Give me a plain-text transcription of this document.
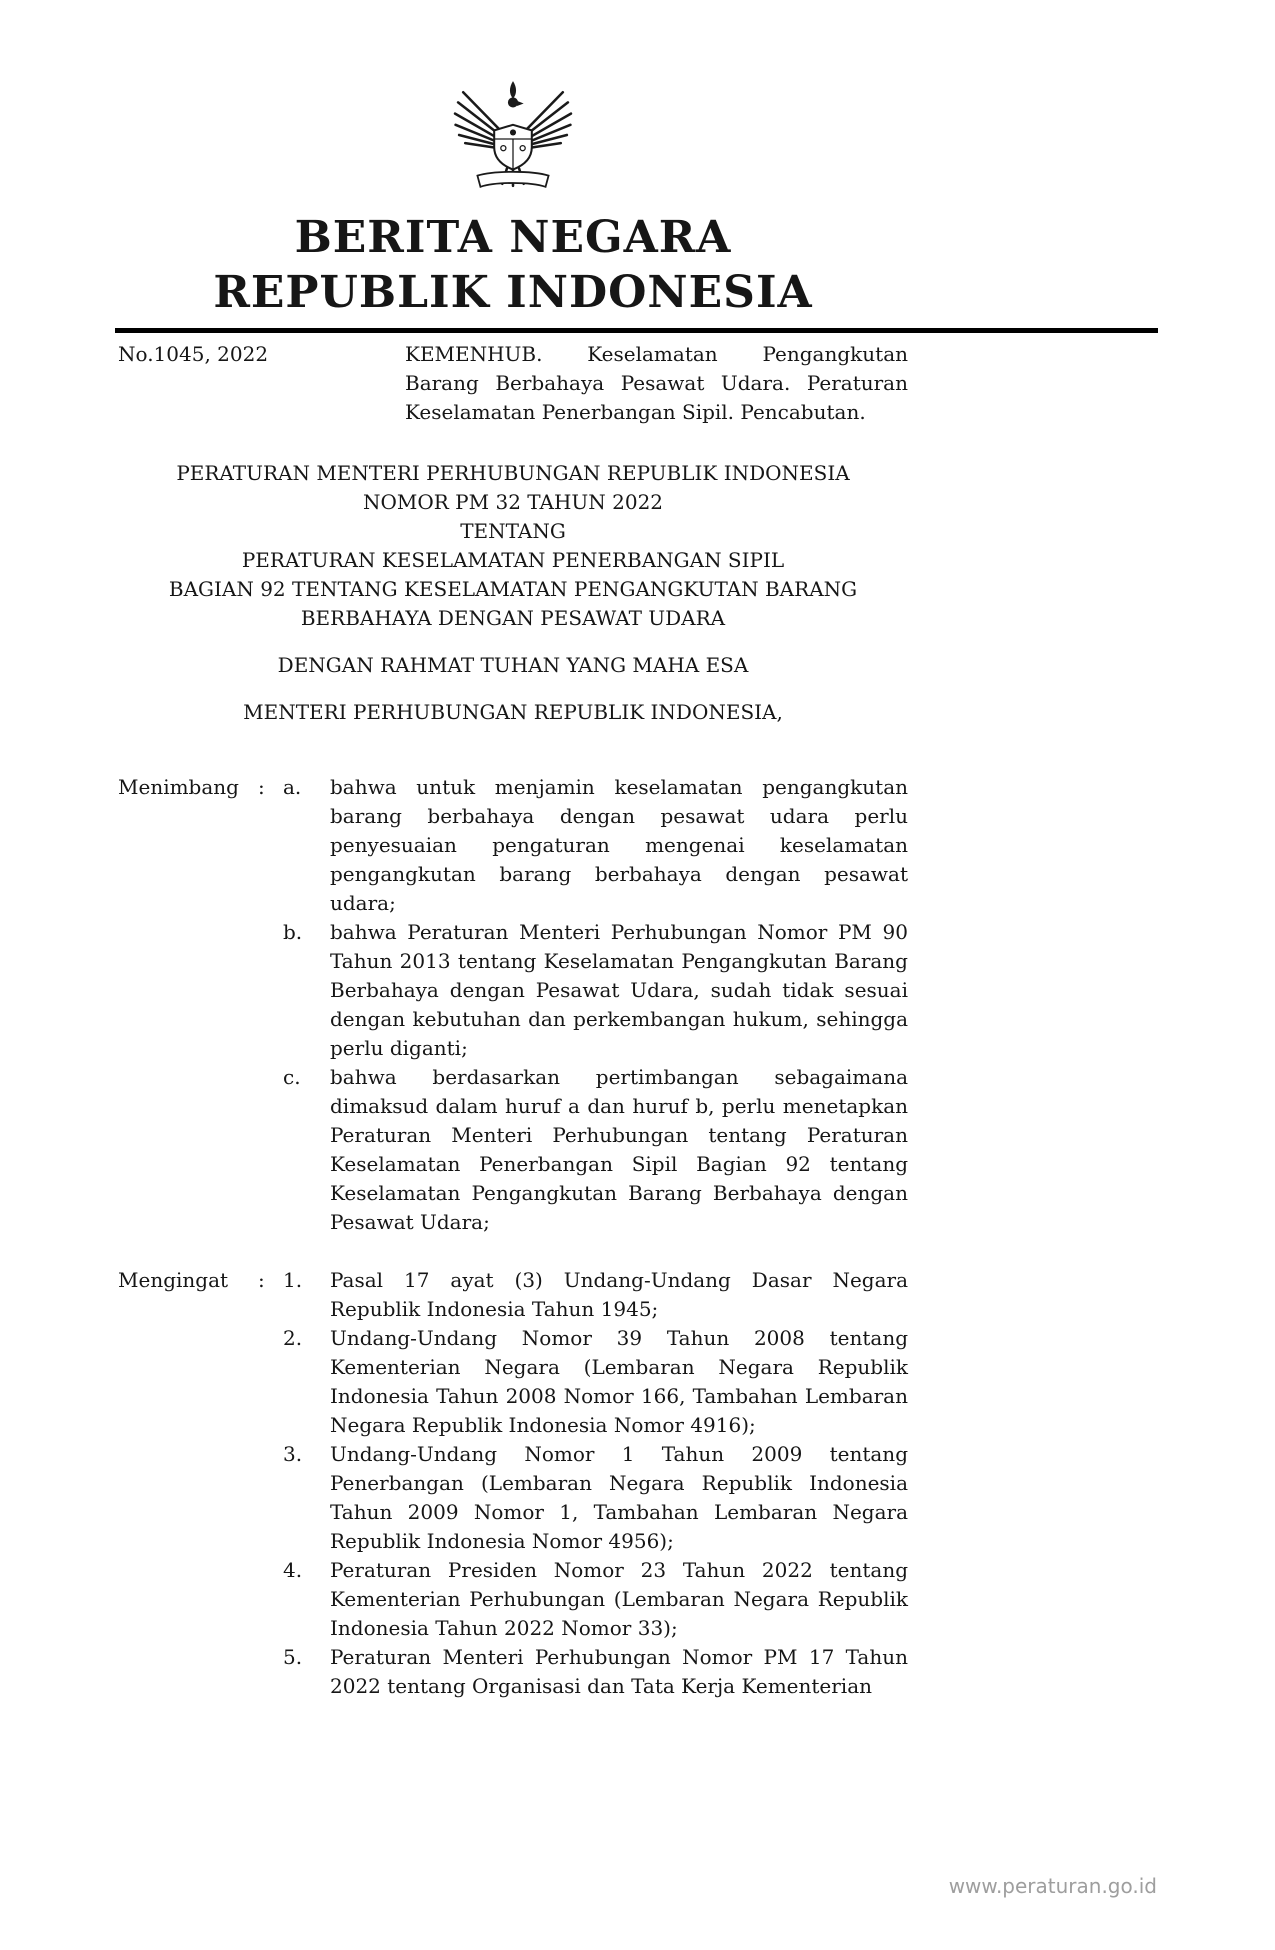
BERITA NEGARA
REPUBLIK INDONESIA
No.1045, 2022	KEMENHUB. Keselamatan Pengangkutan Barang Berbahaya Pesawat Udara. Peraturan Keselamatan Penerbangan Sipil. Pencabutan.
PERATURAN MENTERI PERHUBUNGAN REPUBLIK INDONESIA
NOMOR PM 32 TAHUN 2022
TENTANG
PERATURAN KESELAMATAN PENERBANGAN SIPIL
BAGIAN 92 TENTANG KESELAMATAN PENGANGKUTAN BARANG
BERBAHAYA DENGAN PESAWAT UDARA
DENGAN RAHMAT TUHAN YANG MAHA ESA
MENTERI PERHUBUNGAN REPUBLIK INDONESIA,
Menimbang : a.	bahwa untuk menjamin keselamatan pengangkutan barang berbahaya dengan pesawat udara perlu penyesuaian pengaturan mengenai keselamatan pengangkutan barang berbahaya dengan pesawat udara;
b.	bahwa Peraturan Menteri Perhubungan Nomor PM 90 Tahun 2013 tentang Keselamatan Pengangkutan Barang Berbahaya dengan Pesawat Udara, sudah tidak sesuai dengan kebutuhan dan perkembangan hukum, sehingga perlu diganti;
c.	bahwa berdasarkan pertimbangan sebagaimana dimaksud dalam huruf a dan huruf b, perlu menetapkan Peraturan Menteri Perhubungan tentang Peraturan Keselamatan Penerbangan Sipil Bagian 92 tentang Keselamatan Pengangkutan Barang Berbahaya dengan Pesawat Udara;
Mengingat	: 1.	Pasal 17 ayat (3) Undang-Undang Dasar Negara Republik Indonesia Tahun 1945;
2.	Undang-Undang Nomor 39 Tahun 2008 tentang Kementerian Negara (Lembaran Negara Republik Indonesia Tahun 2008 Nomor 166, Tambahan Lembaran Negara Republik Indonesia Nomor 4916);
3.	Undang-Undang Nomor 1 Tahun 2009 tentang Penerbangan (Lembaran Negara Republik Indonesia Tahun 2009 Nomor 1, Tambahan Lembaran Negara Republik Indonesia Nomor 4956);
4.	Peraturan Presiden Nomor 23 Tahun 2022 tentang Kementerian Perhubungan (Lembaran Negara Republik Indonesia Tahun 2022 Nomor 33);
5.	Peraturan Menteri Perhubungan Nomor PM 17 Tahun 2022 tentang Organisasi dan Tata Kerja Kementerian
www.peraturan.go.id
